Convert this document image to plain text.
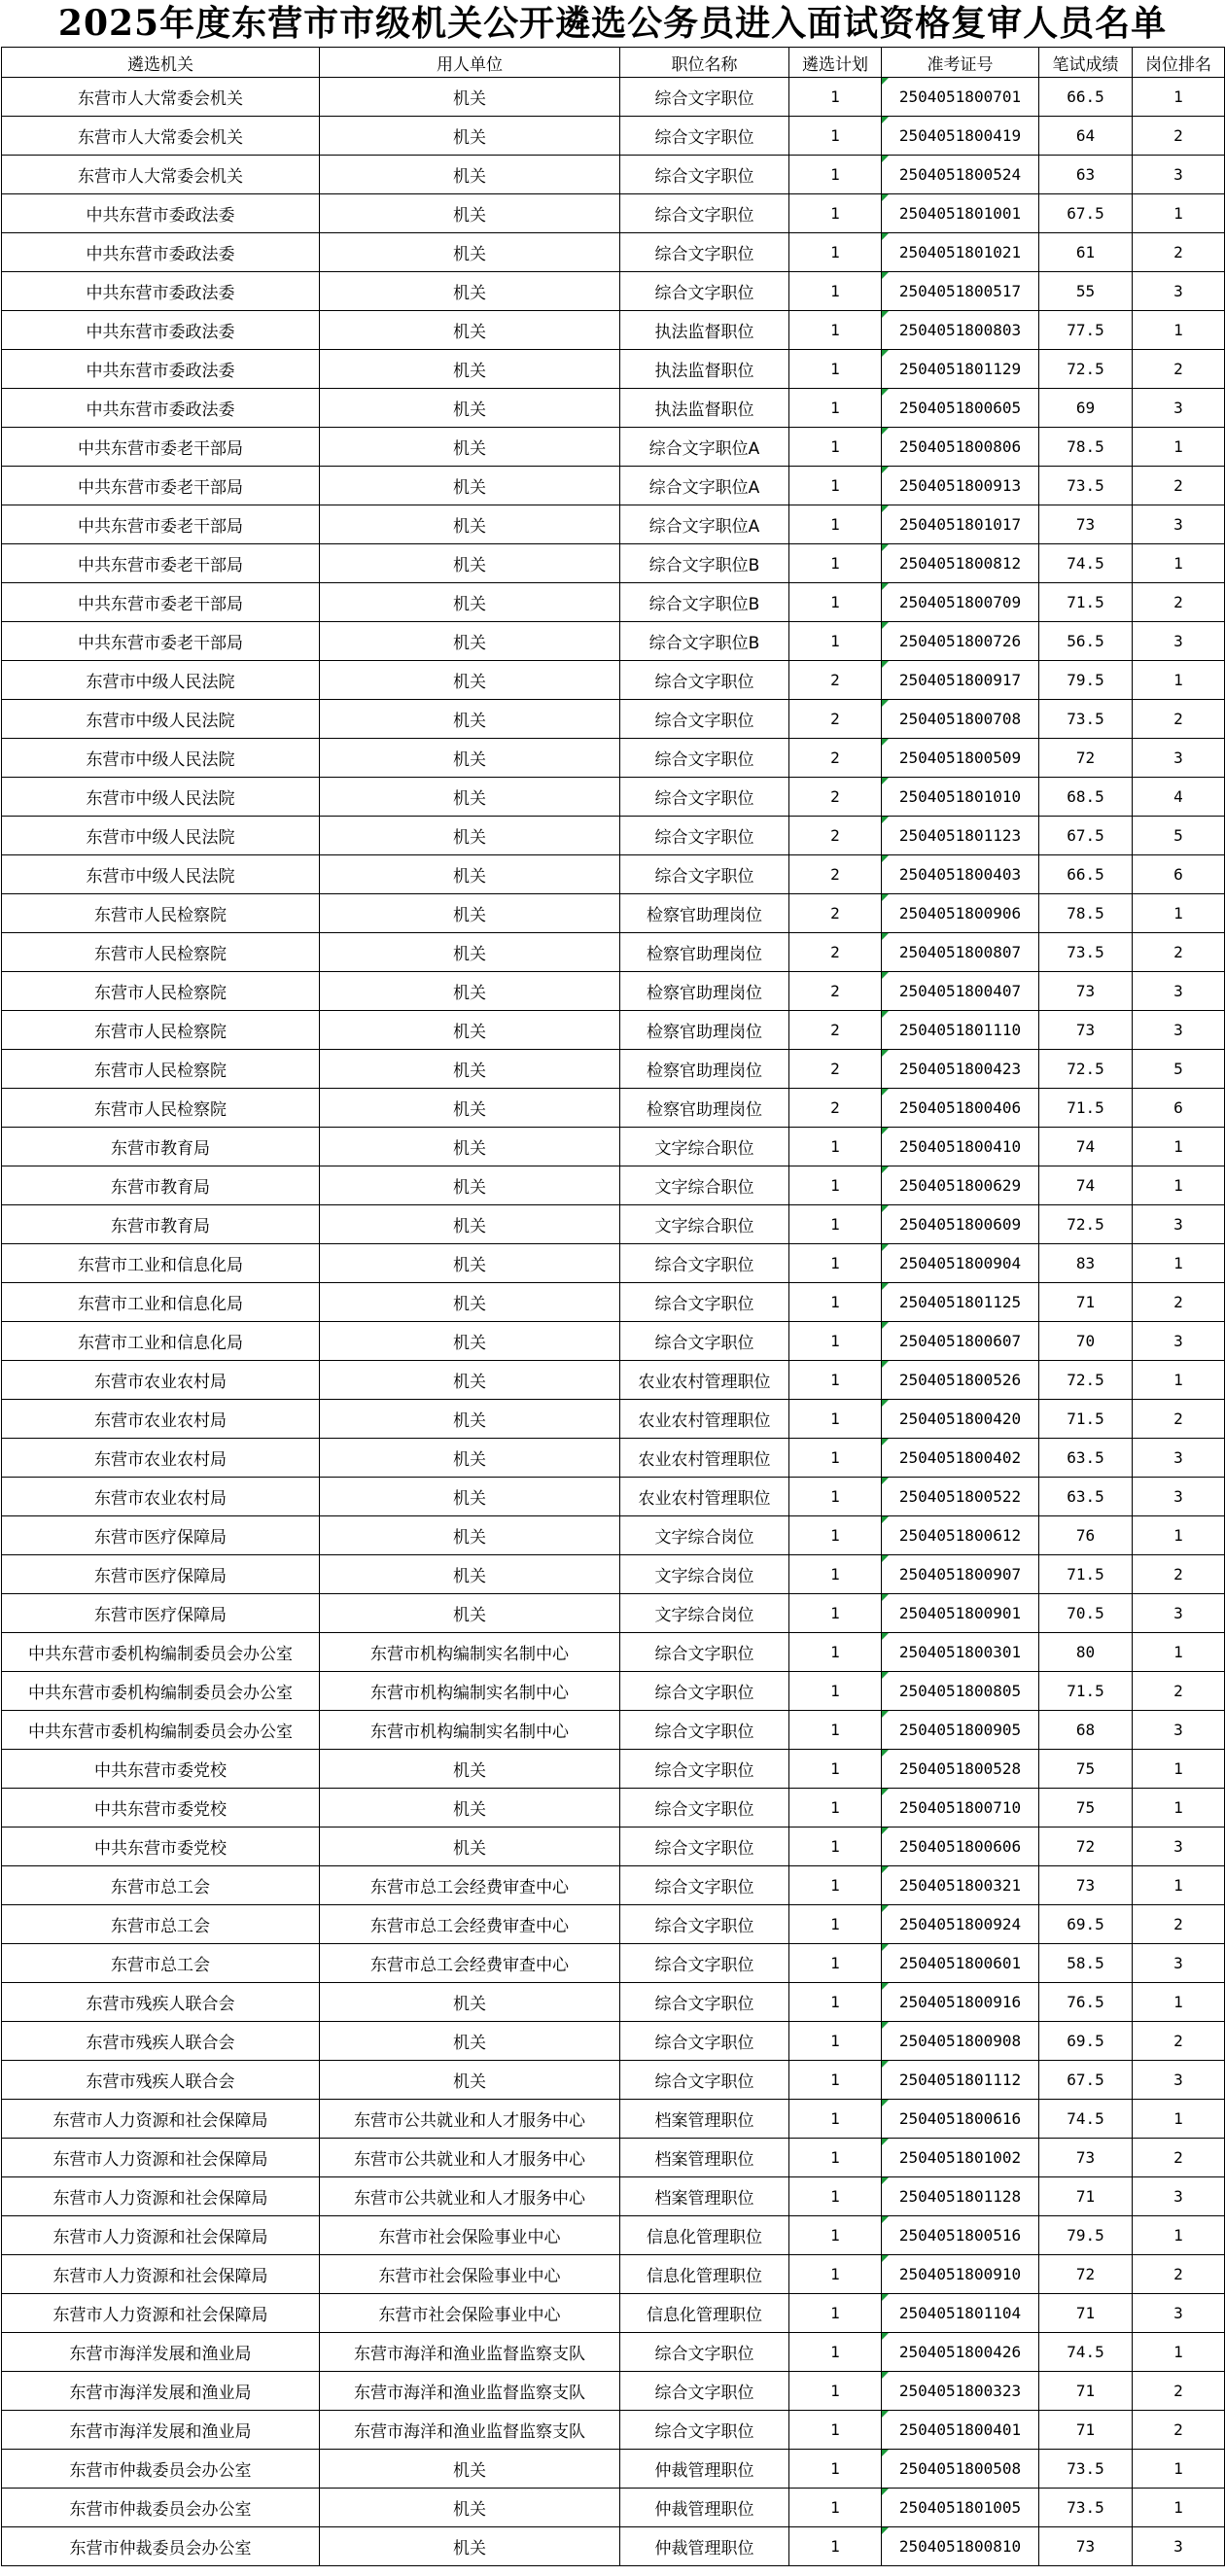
2025年度东营市市级机关公开遴选公务员进入面试资格复审人员名单
遴选机关	用人单位	职位名称	遴选计划	准考证号	笔试成绩	岗位排名
东营市人大常委会机关	机关	综合文字职位	1	2504051800701	66.5	1
东营市人大常委会机关	机关	综合文字职位	1	2504051800419	64	2
东营市人大常委会机关	机关	综合文字职位	1	2504051800524	63	3
中共东营市委政法委	机关	综合文字职位	1	2504051801001	67.5	1
中共东营市委政法委	机关	综合文字职位	1	2504051801021	61	2
中共东营市委政法委	机关	综合文字职位	1	2504051800517	55	3
中共东营市委政法委	机关	执法监督职位	1	2504051800803	77.5	1
中共东营市委政法委	机关	执法监督职位	1	2504051801129	72.5	2
中共东营市委政法委	机关	执法监督职位	1	2504051800605	69	3
中共东营市委老干部局	机关	综合文字职位A	1	2504051800806	78.5	1
中共东营市委老干部局	机关	综合文字职位A	1	2504051800913	73.5	2
中共东营市委老干部局	机关	综合文字职位A	1	2504051801017	73	3
中共东营市委老干部局	机关	综合文字职位B	1	2504051800812	74.5	1
中共东营市委老干部局	机关	综合文字职位B	1	2504051800709	71.5	2
中共东营市委老干部局	机关	综合文字职位B	1	2504051800726	56.5	3
东营市中级人民法院	机关	综合文字职位	2	2504051800917	79.5	1
东营市中级人民法院	机关	综合文字职位	2	2504051800708	73.5	2
东营市中级人民法院	机关	综合文字职位	2	2504051800509	72	3
东营市中级人民法院	机关	综合文字职位	2	2504051801010	68.5	4
东营市中级人民法院	机关	综合文字职位	2	2504051801123	67.5	5
东营市中级人民法院	机关	综合文字职位	2	2504051800403	66.5	6
东营市人民检察院	机关	检察官助理岗位	2	2504051800906	78.5	1
东营市人民检察院	机关	检察官助理岗位	2	2504051800807	73.5	2
东营市人民检察院	机关	检察官助理岗位	2	2504051800407	73	3
东营市人民检察院	机关	检察官助理岗位	2	2504051801110	73	3
东营市人民检察院	机关	检察官助理岗位	2	2504051800423	72.5	5
东营市人民检察院	机关	检察官助理岗位	2	2504051800406	71.5	6
东营市教育局	机关	文字综合职位	1	2504051800410	74	1
东营市教育局	机关	文字综合职位	1	2504051800629	74	1
东营市教育局	机关	文字综合职位	1	2504051800609	72.5	3
东营市工业和信息化局	机关	综合文字职位	1	2504051800904	83	1
东营市工业和信息化局	机关	综合文字职位	1	2504051801125	71	2
东营市工业和信息化局	机关	综合文字职位	1	2504051800607	70	3
东营市农业农村局	机关	农业农村管理职位	1	2504051800526	72.5	1
东营市农业农村局	机关	农业农村管理职位	1	2504051800420	71.5	2
东营市农业农村局	机关	农业农村管理职位	1	2504051800402	63.5	3
东营市农业农村局	机关	农业农村管理职位	1	2504051800522	63.5	3
东营市医疗保障局	机关	文字综合岗位	1	2504051800612	76	1
东营市医疗保障局	机关	文字综合岗位	1	2504051800907	71.5	2
东营市医疗保障局	机关	文字综合岗位	1	2504051800901	70.5	3
中共东营市委机构编制委员会办公室	东营市机构编制实名制中心	综合文字职位	1	2504051800301	80	1
中共东营市委机构编制委员会办公室	东营市机构编制实名制中心	综合文字职位	1	2504051800805	71.5	2
中共东营市委机构编制委员会办公室	东营市机构编制实名制中心	综合文字职位	1	2504051800905	68	3
中共东营市委党校	机关	综合文字职位	1	2504051800528	75	1
中共东营市委党校	机关	综合文字职位	1	2504051800710	75	1
中共东营市委党校	机关	综合文字职位	1	2504051800606	72	3
东营市总工会	东营市总工会经费审查中心	综合文字职位	1	2504051800321	73	1
东营市总工会	东营市总工会经费审查中心	综合文字职位	1	2504051800924	69.5	2
东营市总工会	东营市总工会经费审查中心	综合文字职位	1	2504051800601	58.5	3
东营市残疾人联合会	机关	综合文字职位	1	2504051800916	76.5	1
东营市残疾人联合会	机关	综合文字职位	1	2504051800908	69.5	2
东营市残疾人联合会	机关	综合文字职位	1	2504051801112	67.5	3
东营市人力资源和社会保障局	东营市公共就业和人才服务中心	档案管理职位	1	2504051800616	74.5	1
东营市人力资源和社会保障局	东营市公共就业和人才服务中心	档案管理职位	1	2504051801002	73	2
东营市人力资源和社会保障局	东营市公共就业和人才服务中心	档案管理职位	1	2504051801128	71	3
东营市人力资源和社会保障局	东营市社会保险事业中心	信息化管理职位	1	2504051800516	79.5	1
东营市人力资源和社会保障局	东营市社会保险事业中心	信息化管理职位	1	2504051800910	72	2
东营市人力资源和社会保障局	东营市社会保险事业中心	信息化管理职位	1	2504051801104	71	3
东营市海洋发展和渔业局	东营市海洋和渔业监督监察支队	综合文字职位	1	2504051800426	74.5	1
东营市海洋发展和渔业局	东营市海洋和渔业监督监察支队	综合文字职位	1	2504051800323	71	2
东营市海洋发展和渔业局	东营市海洋和渔业监督监察支队	综合文字职位	1	2504051800401	71	2
东营市仲裁委员会办公室	机关	仲裁管理职位	1	2504051800508	73.5	1
东营市仲裁委员会办公室	机关	仲裁管理职位	1	2504051801005	73.5	1
东营市仲裁委员会办公室	机关	仲裁管理职位	1	2504051800810	73	3
